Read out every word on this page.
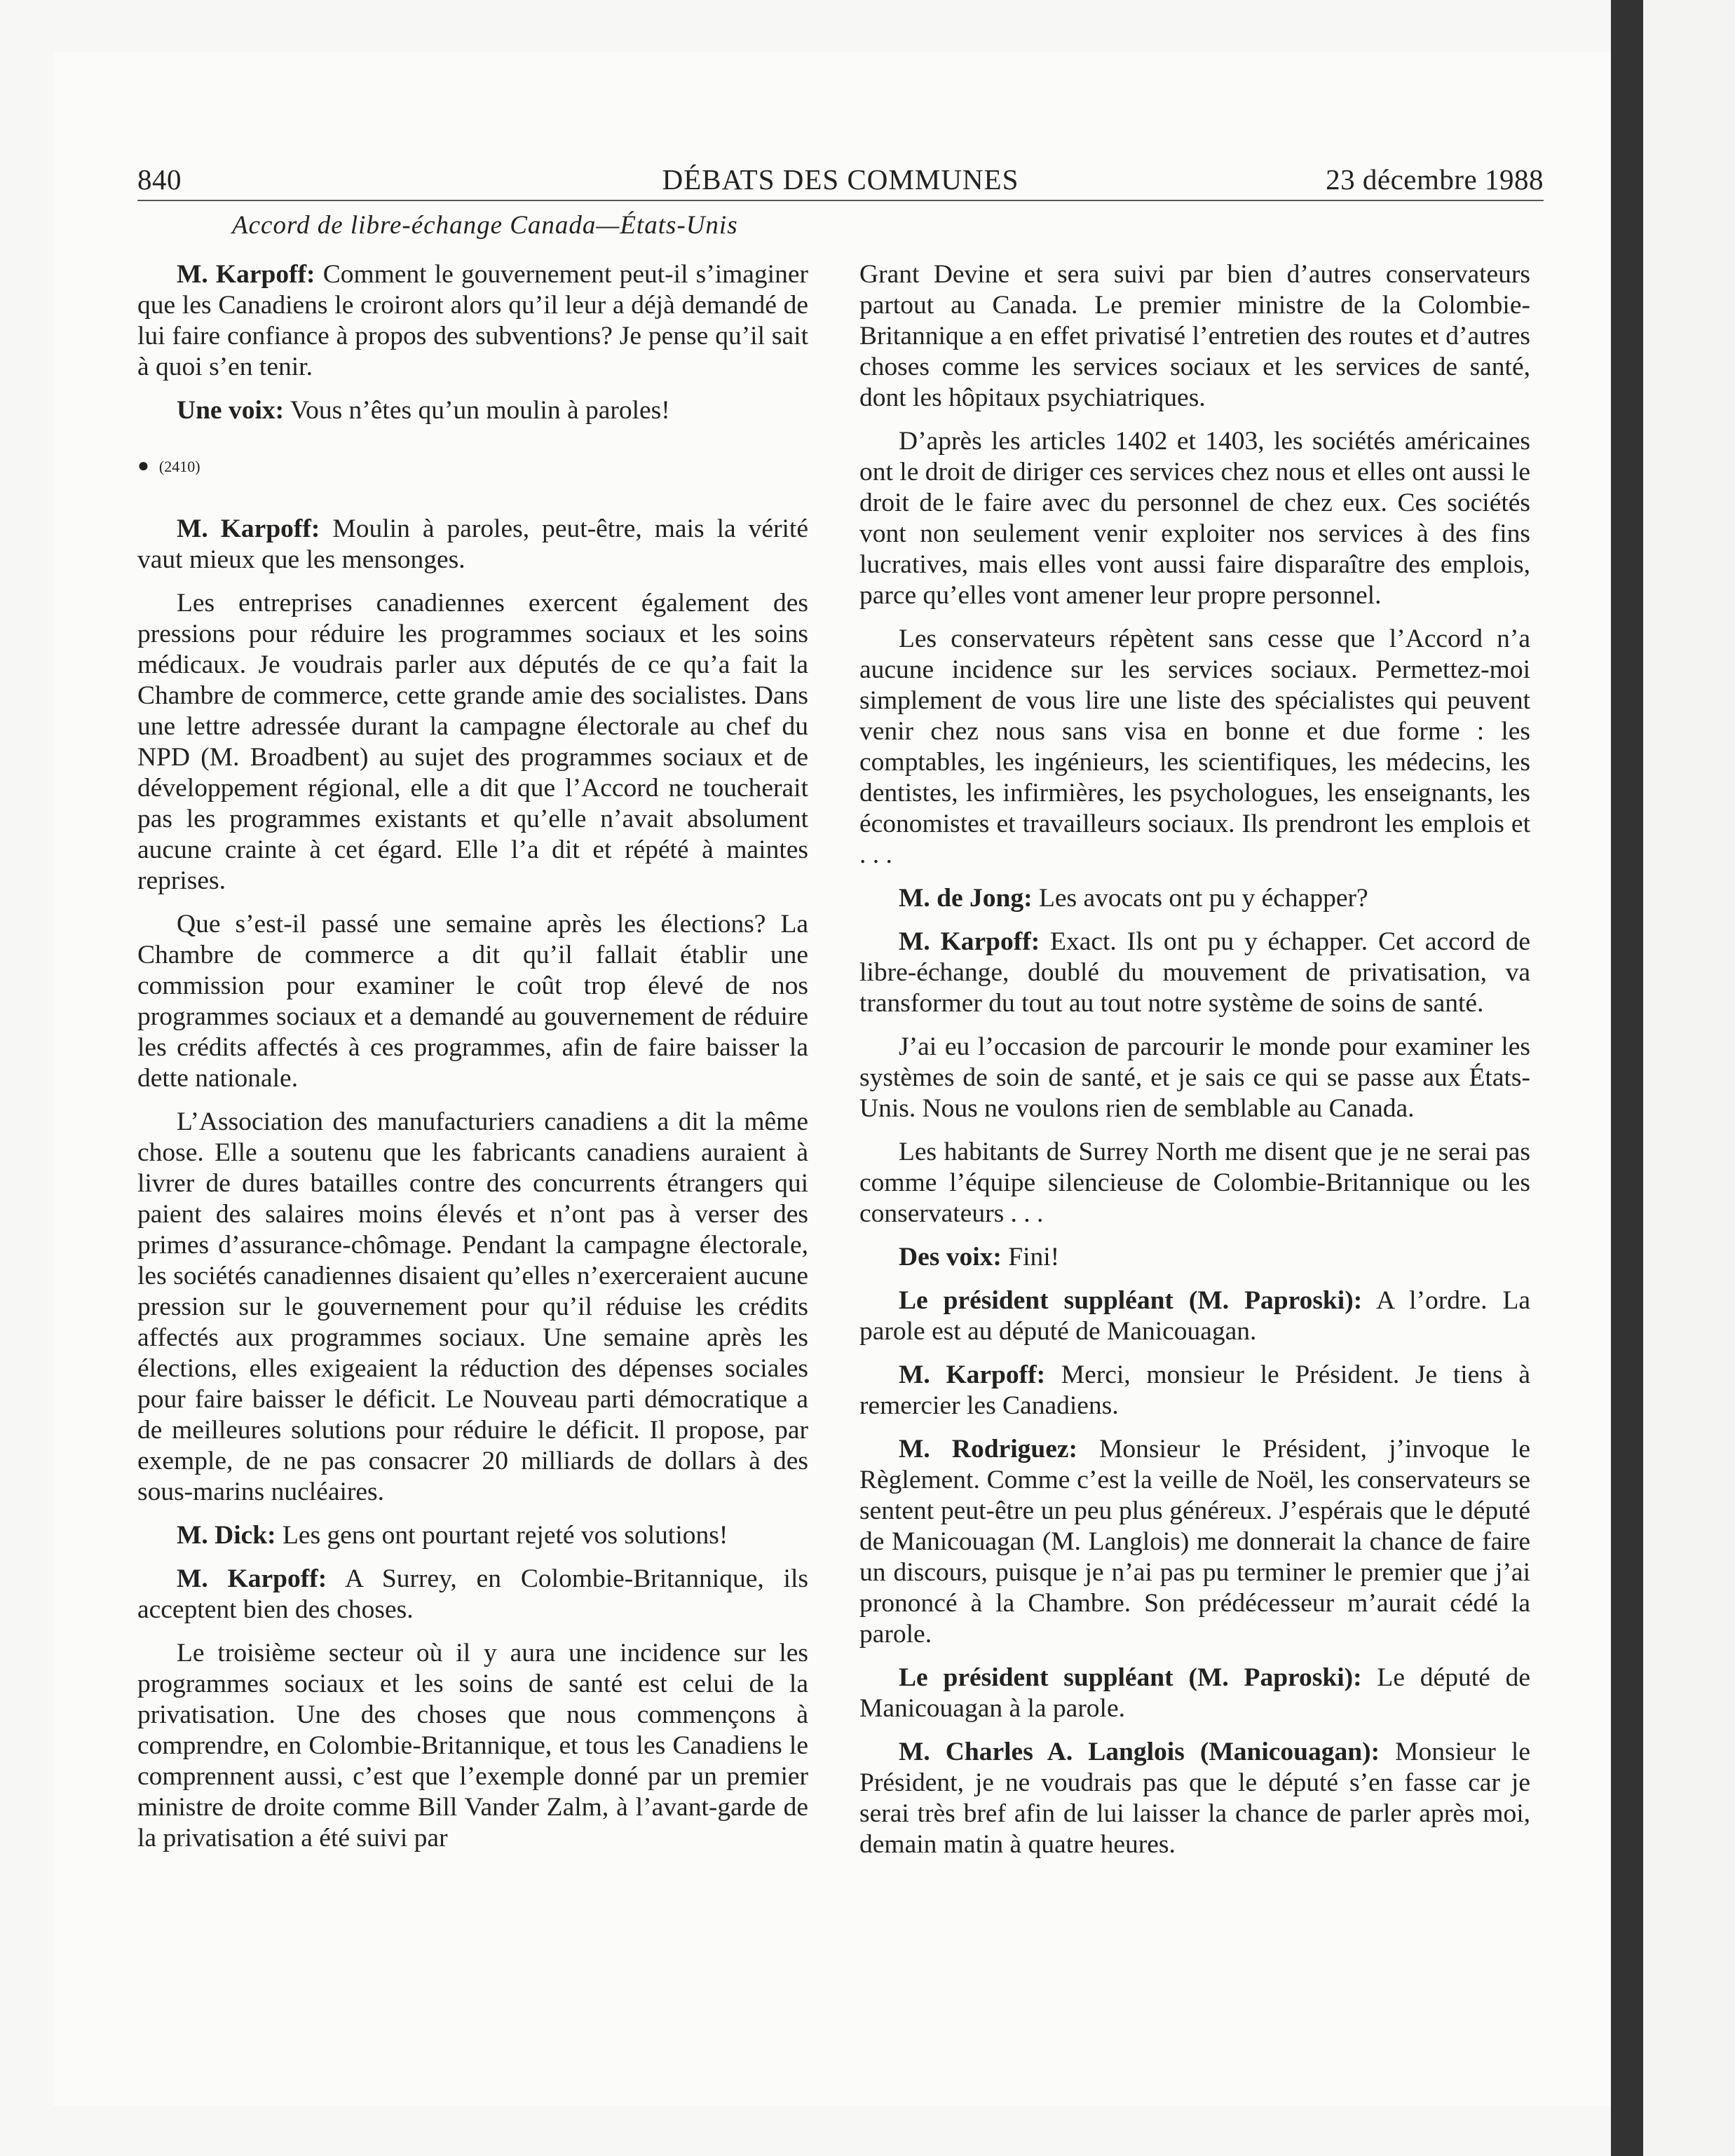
840	DÉBATS DES COMMUNES	23 décembre 1988

Accord de libre-échange Canada—États-Unis

M. Karpoff: Comment le gouvernement peut-il s’imaginer que les Canadiens le croiront alors qu’il leur a déjà demandé de lui faire confiance à propos des subventions? Je pense qu’il sait à quoi s’en tenir.

Une voix: Vous n’êtes qu’un moulin à paroles!

● (2410)

M. Karpoff: Moulin à paroles, peut-être, mais la vérité vaut mieux que les mensonges.

Les entreprises canadiennes exercent également des pressions pour réduire les programmes sociaux et les soins médicaux. Je voudrais parler aux députés de ce qu’a fait la Chambre de commerce, cette grande amie des socialistes. Dans une lettre adressée durant la campagne électorale au chef du NPD (M. Broadbent) au sujet des programmes sociaux et de développement régional, elle a dit que l’Accord ne toucherait pas les programmes existants et qu’elle n’avait absolument aucune crainte à cet égard. Elle l’a dit et répété à maintes reprises.

Que s’est-il passé une semaine après les élections? La Chambre de commerce a dit qu’il fallait établir une commission pour examiner le coût trop élevé de nos programmes sociaux et a demandé au gouvernement de réduire les crédits affectés à ces programmes, afin de faire baisser la dette nationale.

L’Association des manufacturiers canadiens a dit la même chose. Elle a soutenu que les fabricants canadiens auraient à livrer de dures batailles contre des concurrents étrangers qui paient des salaires moins élevés et n’ont pas à verser des primes d’assurance-chômage. Pendant la campagne électorale, les sociétés canadiennes disaient qu’elles n’exerceraient aucune pression sur le gouvernement pour qu’il réduise les crédits affectés aux programmes sociaux. Une semaine après les élections, elles exigeaient la réduction des dépenses sociales pour faire baisser le déficit. Le Nouveau parti démocratique a de meilleures solutions pour réduire le déficit. Il propose, par exemple, de ne pas consacrer 20 milliards de dollars à des sous-marins nucléaires.

M. Dick: Les gens ont pourtant rejeté vos solutions!

M. Karpoff: A Surrey, en Colombie-Britannique, ils acceptent bien des choses.

Le troisième secteur où il y aura une incidence sur les programmes sociaux et les soins de santé est celui de la privatisation. Une des choses que nous commençons à comprendre, en Colombie-Britannique, et tous les Canadiens le comprennent aussi, c’est que l’exemple donné par un premier ministre de droite comme Bill Vander Zalm, à l’avant-garde de la privatisation a été suivi par

Grant Devine et sera suivi par bien d’autres conservateurs partout au Canada. Le premier ministre de la Colombie-Britannique a en effet privatisé l’entretien des routes et d’autres choses comme les services sociaux et les services de santé, dont les hôpitaux psychiatriques.

D’après les articles 1402 et 1403, les sociétés américaines ont le droit de diriger ces services chez nous et elles ont aussi le droit de le faire avec du personnel de chez eux. Ces sociétés vont non seulement venir exploiter nos services à des fins lucratives, mais elles vont aussi faire disparaître des emplois, parce qu’elles vont amener leur propre personnel.

Les conservateurs répètent sans cesse que l’Accord n’a aucune incidence sur les services sociaux. Permettez-moi simplement de vous lire une liste des spécialistes qui peuvent venir chez nous sans visa en bonne et due forme : les comptables, les ingénieurs, les scientifiques, les médecins, les dentistes, les infirmières, les psychologues, les enseignants, les économistes et travailleurs sociaux. Ils prendront les emplois et . . .

M. de Jong: Les avocats ont pu y échapper?

M. Karpoff: Exact. Ils ont pu y échapper. Cet accord de libre-échange, doublé du mouvement de privatisation, va transformer du tout au tout notre système de soins de santé.

J’ai eu l’occasion de parcourir le monde pour examiner les systèmes de soin de santé, et je sais ce qui se passe aux États-Unis. Nous ne voulons rien de semblable au Canada.

Les habitants de Surrey North me disent que je ne serai pas comme l’équipe silencieuse de Colombie-Britannique ou les conservateurs . . .

Des voix: Fini!

Le président suppléant (M. Paproski): A l’ordre. La parole est au député de Manicouagan.

M. Karpoff: Merci, monsieur le Président. Je tiens à remercier les Canadiens.

M. Rodriguez: Monsieur le Président, j’invoque le Règlement. Comme c’est la veille de Noël, les conservateurs se sentent peut-être un peu plus généreux. J’espérais que le député de Manicouagan (M. Langlois) me donnerait la chance de faire un discours, puisque je n’ai pas pu terminer le premier que j’ai prononcé à la Chambre. Son prédécesseur m’aurait cédé la parole.

Le président suppléant (M. Paproski): Le député de Manicouagan à la parole.

M. Charles A. Langlois (Manicouagan): Monsieur le Président, je ne voudrais pas que le député s’en fasse car je serai très bref afin de lui laisser la chance de parler après moi, demain matin à quatre heures.
